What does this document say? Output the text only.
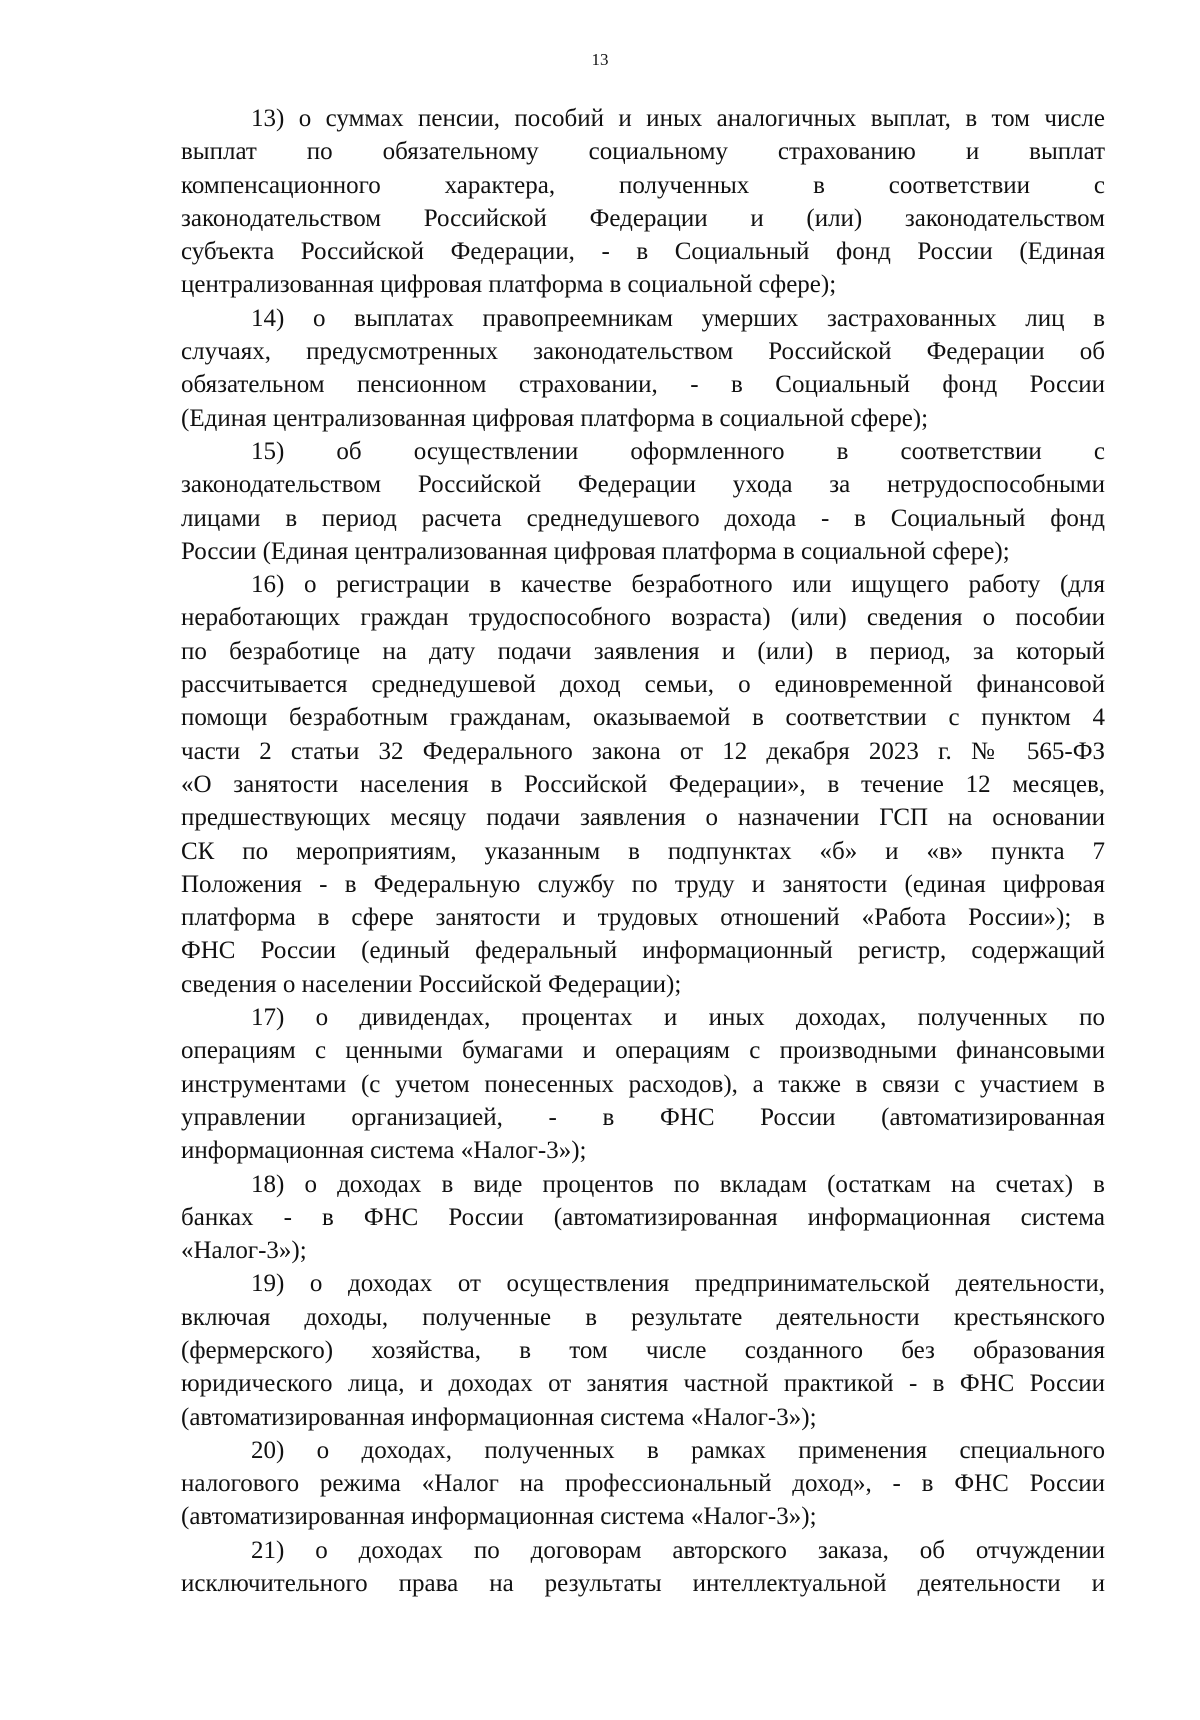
13
13) о суммах пенсии, пособий и иных аналогичных выплат, в том числе
выплат по обязательному социальному страхованию и выплат
компенсационного характера, полученных в соответствии с
законодательством Российской Федерации и (или) законодательством
субъекта Российской Федерации, - в Социальный фонд России (Единая
централизованная цифровая платформа в социальной сфере);
14) о выплатах правопреемникам умерших застрахованных лиц в
случаях, предусмотренных законодательством Российской Федерации об
обязательном пенсионном страховании, - в Социальный фонд России
(Единая централизованная цифровая платформа в социальной сфере);
15) об осуществлении оформленного в соответствии с
законодательством Российской Федерации ухода за нетрудоспособными
лицами в период расчета среднедушевого дохода - в Социальный фонд
России (Единая централизованная цифровая платформа в социальной сфере);
16) о регистрации в качестве безработного или ищущего работу (для
неработающих граждан трудоспособного возраста) (или) сведения о пособии
по безработице на дату подачи заявления и (или) в период, за который
рассчитывается среднедушевой доход семьи, о единовременной финансовой
помощи безработным гражданам, оказываемой в соответствии с пунктом 4
части 2 статьи 32 Федерального закона от 12 декабря 2023 г. № 565-ФЗ
«О занятости населения в Российской Федерации», в течение 12 месяцев,
предшествующих месяцу подачи заявления о назначении ГСП на основании
СК по мероприятиям, указанным в подпунктах «б» и «в» пункта 7
Положения - в Федеральную службу по труду и занятости (единая цифровая
платформа в сфере занятости и трудовых отношений «Работа России»); в
ФНС России (единый федеральный информационный регистр, содержащий
сведения о населении Российской Федерации);
17) о дивидендах, процентах и иных доходах, полученных по
операциям с ценными бумагами и операциям с производными финансовыми
инструментами (с учетом понесенных расходов), а также в связи с участием в
управлении организацией, - в ФНС России (автоматизированная
информационная система «Налог-3»);
18) о доходах в виде процентов по вкладам (остаткам на счетах) в
банках - в ФНС России (автоматизированная информационная система
«Налог-3»);
19) о доходах от осуществления предпринимательской деятельности,
включая доходы, полученные в результате деятельности крестьянского
(фермерского) хозяйства, в том числе созданного без образования
юридического лица, и доходах от занятия частной практикой - в ФНС России
(автоматизированная информационная система «Налог-3»);
20) о доходах, полученных в рамках применения специального
налогового режима «Налог на профессиональный доход», - в ФНС России
(автоматизированная информационная система «Налог-3»);
21) о доходах по договорам авторского заказа, об отчуждении
исключительного права на результаты интеллектуальной деятельности и
